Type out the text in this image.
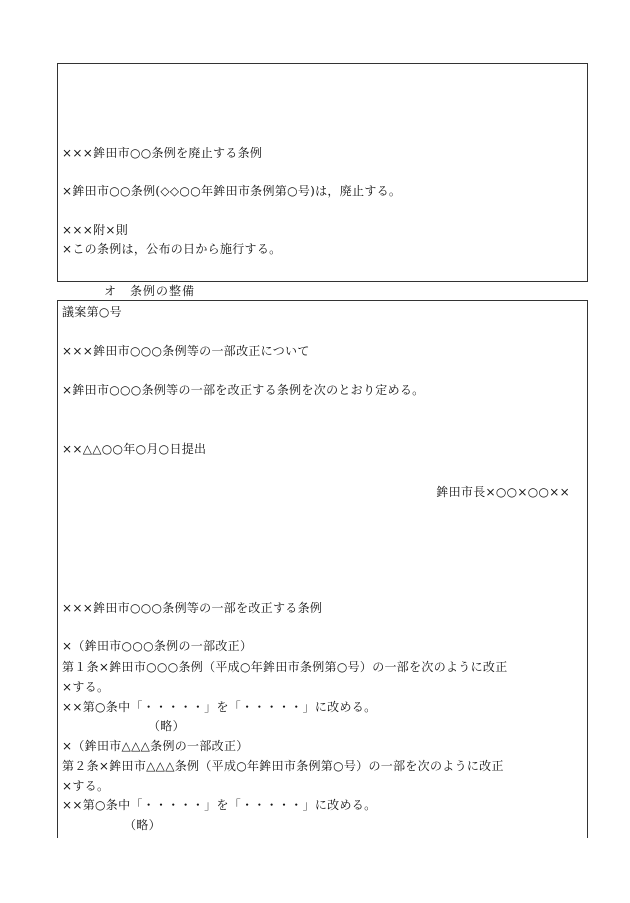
×××鉾田市○○条例を廃止する条例
×鉾田市○○条例(◇◇○○年鉾田市条例第○号)は，廃止する。
×××附×則
×この条例は，公布の日から施行する。
オ　条例の整備
議案第○号
×××鉾田市○○○条例等の一部改正について
×鉾田市○○○条例等の一部を改正する条例を次のとおり定める。
××△△○○年○月○日提出
鉾田市長×○○×○○××
×××鉾田市○○○条例等の一部を改正する条例
×（鉾田市○○○条例の一部改正）
第１条×鉾田市○○○条例（平成○年鉾田市条例第○号）の一部を次のように改正
×する。
××第○条中「・・・・・」を「・・・・・」に改める。
（略）
×（鉾田市△△△条例の一部改正）
第２条×鉾田市△△△条例（平成○年鉾田市条例第○号）の一部を次のように改正
×する。
××第○条中「・・・・・」を「・・・・・」に改める。
（略）
